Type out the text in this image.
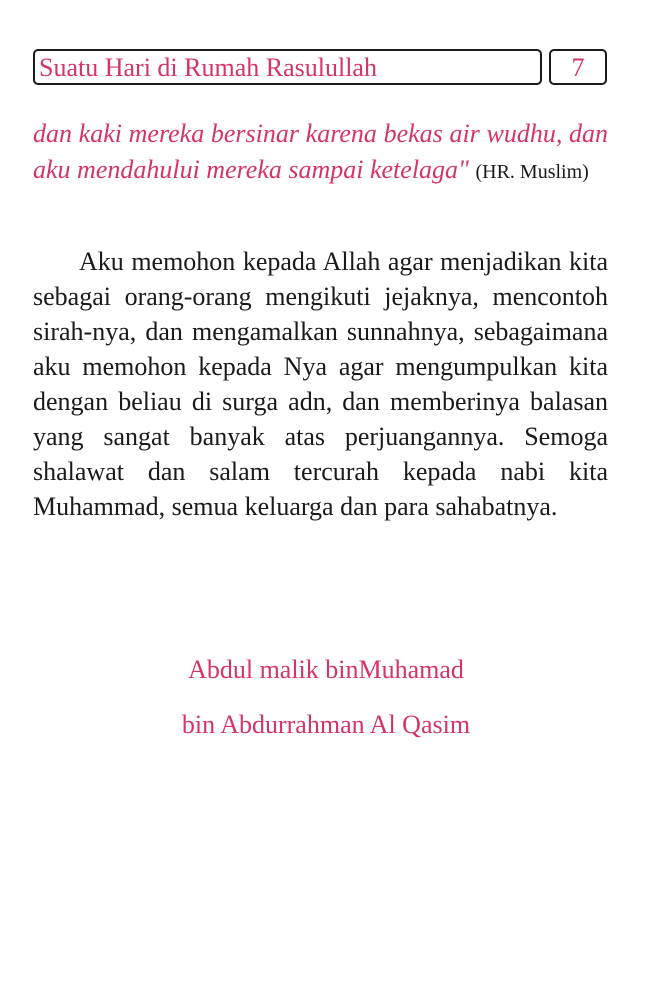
Suatu Hari di Rumah Rasulullah	7
dan kaki mereka bersinar karena bekas air wudhu, dan aku mendahului mereka sampai ketelaga" (HR. Muslim)

Aku memohon kepada Allah agar menjadikan kita sebagai orang-orang mengikuti jejaknya, mencontoh sirah-nya, dan mengamalkan sunnahnya, sebagaimana aku memohon kepada Nya agar mengumpulkan kita dengan beliau di surga adn, dan memberinya balasan yang sangat banyak atas perjuangannya. Semoga shalawat dan salam tercurah kepada nabi kita Muhammad, semua keluarga dan para sahabatnya.

Abdul malik binMuhamad
bin Abdurrahman Al Qasim
